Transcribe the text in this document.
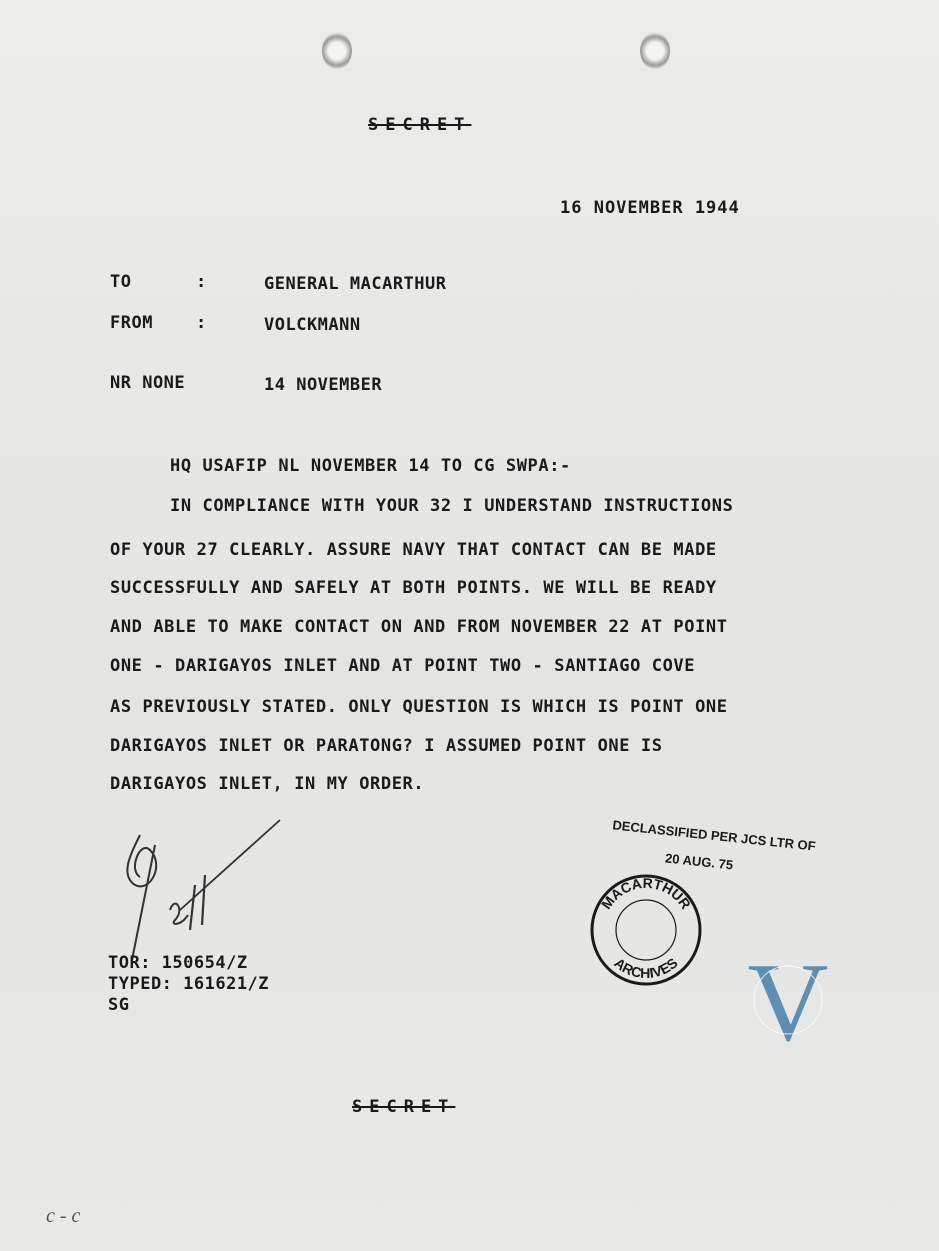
SECRET
16 NOVEMBER 1944
TO	:	GENERAL MACARTHUR
FROM	:	VOLCKMANN
NR NONE	14 NOVEMBER
HQ USAFIP NL NOVEMBER 14 TO CG SWPA:-
IN COMPLIANCE WITH YOUR 32 I UNDERSTAND INSTRUCTIONS
OF YOUR 27 CLEARLY. ASSURE NAVY THAT CONTACT CAN BE MADE
SUCCESSFULLY AND SAFELY AT BOTH POINTS. WE WILL BE READY
AND ABLE TO MAKE CONTACT ON AND FROM NOVEMBER 22 AT POINT
ONE - DARIGAYOS INLET AND AT POINT TWO - SANTIAGO COVE
AS PREVIOUSLY STATED. ONLY QUESTION IS WHICH IS POINT ONE
DARIGAYOS INLET OR PARATONG? I ASSUMED POINT ONE IS
DARIGAYOS INLET, IN MY ORDER.
TOR: 150654/Z
TYPED: 161621/Z
SG
DECLASSIFIED PER JCS LTR OF
20 AUG. 75
MACARTHUR
ARCHIVES V
SECRET
c - c
